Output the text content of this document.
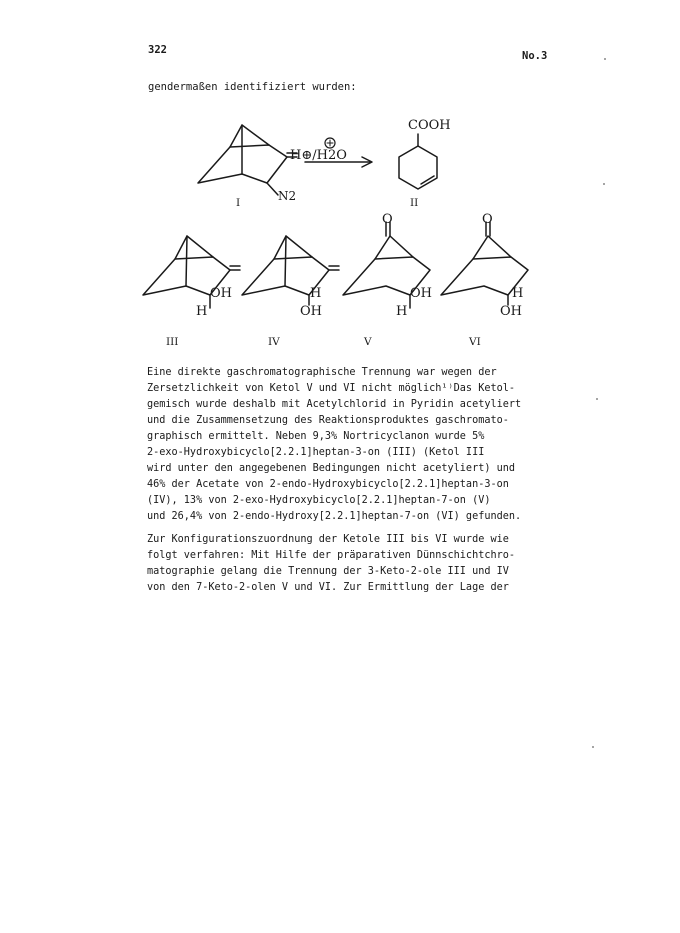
322	No.3
gendermaßen identifiziert wurden:
H⊕/H2O
COOH
N2
OH
H
H
OH
O
OH
H
O
H
OH
I	II
III	IV	V	VI
Eine direkte gaschromatographische Trennung war wegen der
Zersetzlichkeit von Ketol V und VI nicht möglich¹⁾Das Ketol-
gemisch wurde deshalb mit Acetylchlorid in Pyridin acetyliert
und die Zusammensetzung des Reaktionsproduktes gaschromato-
graphisch ermittelt. Neben 9,3% Nortricyclanon wurde 5%
2-exo-Hydroxybicyclo[2.2.1]heptan-3-on (III) (Ketol III
wird unter den angegebenen Bedingungen nicht acetyliert) und
46% der Acetate von 2-endo-Hydroxybicyclo[2.2.1]heptan-3-on
(IV), 13% von 2-exo-Hydroxybicyclo[2.2.1]heptan-7-on (V)
und 26,4% von 2-endo-Hydroxy[2.2.1]heptan-7-on (VI) gefunden.
Zur Konfigurationszuordnung der Ketole III bis VI wurde wie
folgt verfahren: Mit Hilfe der präparativen Dünnschichtchro-
matographie gelang die Trennung der 3-Keto-2-ole III und IV
von den 7-Keto-2-olen V und VI. Zur Ermittlung der Lage der
